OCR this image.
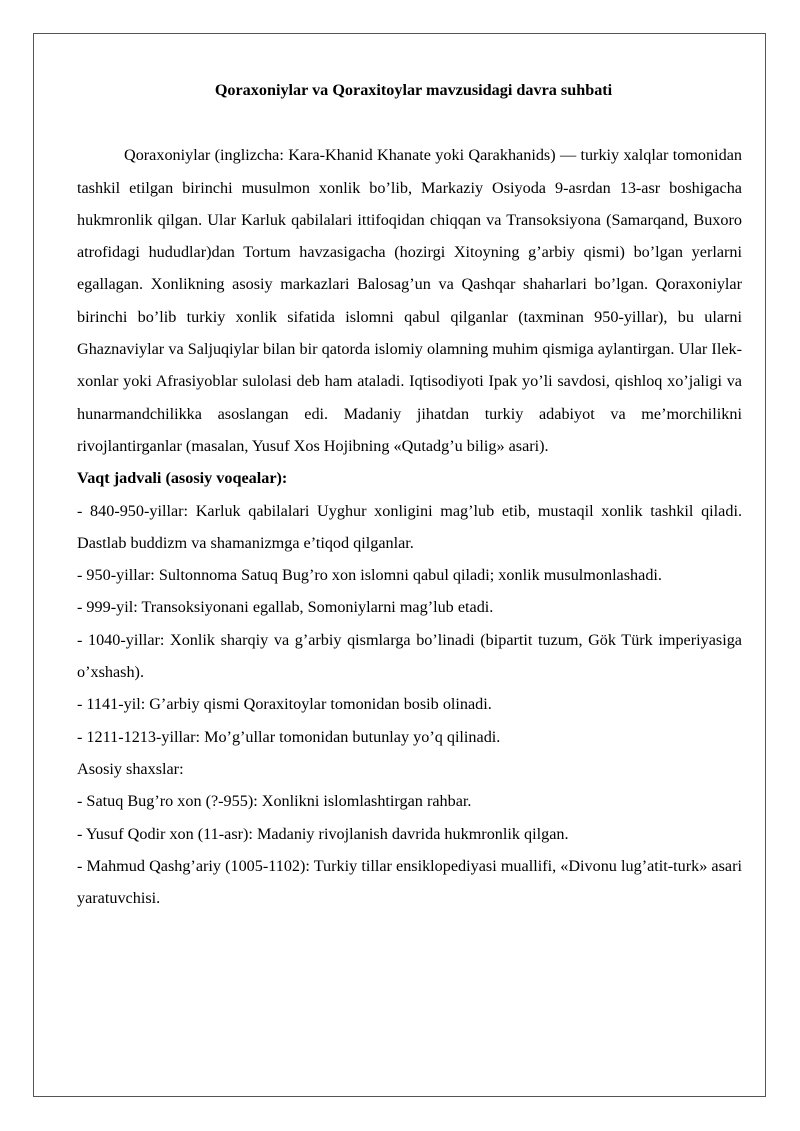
Qoraxoniylar va Qoraxitoylar mavzusidagi davra suhbati

Qoraxoniylar (inglizcha: Kara-Khanid Khanate yoki Qarakhanids) — turkiy xalqlar tomonidan tashkil etilgan birinchi musulmon xonlik bo’lib, Markaziy Osiyoda 9-asrdan 13-asr boshigacha hukmronlik qilgan. Ular Karluk qabilalari ittifoqidan chiqqan va Transoksiyona (Samarqand, Buxoro atrofidagi hududlar)dan Tortum havzasigacha (hozirgi Xitoyning g’arbiy qismi) bo’lgan yerlarni egallagan. Xonlikning asosiy markazlari Balosag’un va Qashqar shaharlari bo’lgan. Qoraxoniylar birinchi bo’lib turkiy xonlik sifatida islomni qabul qilganlar (taxminan 950-yillar), bu ularni Ghaznaviylar va Saljuqiylar bilan bir qatorda islomiy olamning muhim qismiga aylantirgan. Ular Ilek-xonlar yoki Afrasiyoblar sulolasi deb ham ataladi. Iqtisodiyoti Ipak yo’li savdosi, qishloq xo’jaligi va hunarmandchilikka asoslangan edi. Madaniy jihatdan turkiy adabiyot va me’morchilikni rivojlantirganlar (masalan, Yusuf Xos Hojibning «Qutadg’u bilig» asari).

Vaqt jadvali (asosiy voqealar):

- 840-950-yillar: Karluk qabilalari Uyghur xonligini mag’lub etib, mustaqil xonlik tashkil qiladi. Dastlab buddizm va shamanizmga e’tiqod qilganlar.

- 950-yillar: Sultonnoma Satuq Bug’ro xon islomni qabul qiladi; xonlik musulmonlashadi.

- 999-yil: Transoksiyonani egallab, Somoniylarni mag’lub etadi.

- 1040-yillar: Xonlik sharqiy va g’arbiy qismlarga bo’linadi (bipartit tuzum, Gök Türk imperiyasiga o’xshash).

- 1141-yil: G’arbiy qismi Qoraxitoylar tomonidan bosib olinadi.

- 1211-1213-yillar: Mo’g’ullar tomonidan butunlay yo’q qilinadi.

Asosiy shaxslar:

- Satuq Bug’ro xon (?-955): Xonlikni islomlashtirgan rahbar.

- Yusuf Qodir xon (11-asr): Madaniy rivojlanish davrida hukmronlik qilgan.

- Mahmud Qashg’ariy (1005-1102): Turkiy tillar ensiklopediyasi muallifi, «Divonu lug’atit-turk» asari yaratuvchisi.
